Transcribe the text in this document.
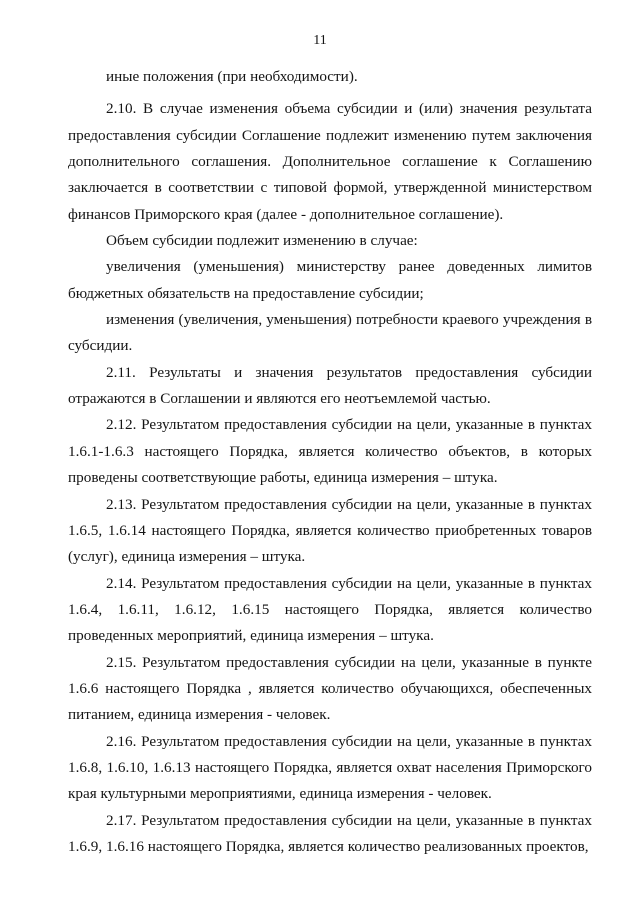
11

иные положения (при необходимости).

2.10. В случае изменения объема субсидии и (или) значения результата предоставления субсидии Соглашение подлежит изменению путем заключения дополнительного соглашения. Дополнительное соглашение к Соглашению заключается в соответствии с типовой формой, утвержденной министерством финансов Приморского края (далее - дополнительное соглашение).

Объем субсидии подлежит изменению в случае:

увеличения (уменьшения) министерству ранее доведенных лимитов бюджетных обязательств на предоставление субсидии;

изменения (увеличения, уменьшения) потребности краевого учреждения в субсидии.

2.11. Результаты и значения результатов предоставления субсидии отражаются в Соглашении и являются его неотъемлемой частью.

2.12. Результатом предоставления субсидии на цели, указанные в пунктах 1.6.1-1.6.3 настоящего Порядка, является количество объектов, в которых проведены соответствующие работы, единица измерения – штука.

2.13. Результатом предоставления субсидии на цели, указанные в пунктах 1.6.5, 1.6.14 настоящего Порядка, является количество приобретенных товаров (услуг), единица измерения – штука.

2.14. Результатом предоставления субсидии на цели, указанные в пунктах 1.6.4, 1.6.11, 1.6.12, 1.6.15 настоящего Порядка, является количество проведенных мероприятий, единица измерения – штука.

2.15. Результатом предоставления субсидии на цели, указанные в пункте 1.6.6 настоящего Порядка , является количество обучающихся, обеспеченных питанием, единица измерения - человек.

2.16. Результатом предоставления субсидии на цели, указанные в пунктах 1.6.8, 1.6.10, 1.6.13 настоящего Порядка, является охват населения Приморского края культурными мероприятиями, единица измерения - человек.

2.17. Результатом предоставления субсидии на цели, указанные в пунктах 1.6.9, 1.6.16 настоящего Порядка, является количество реализованных проектов,
